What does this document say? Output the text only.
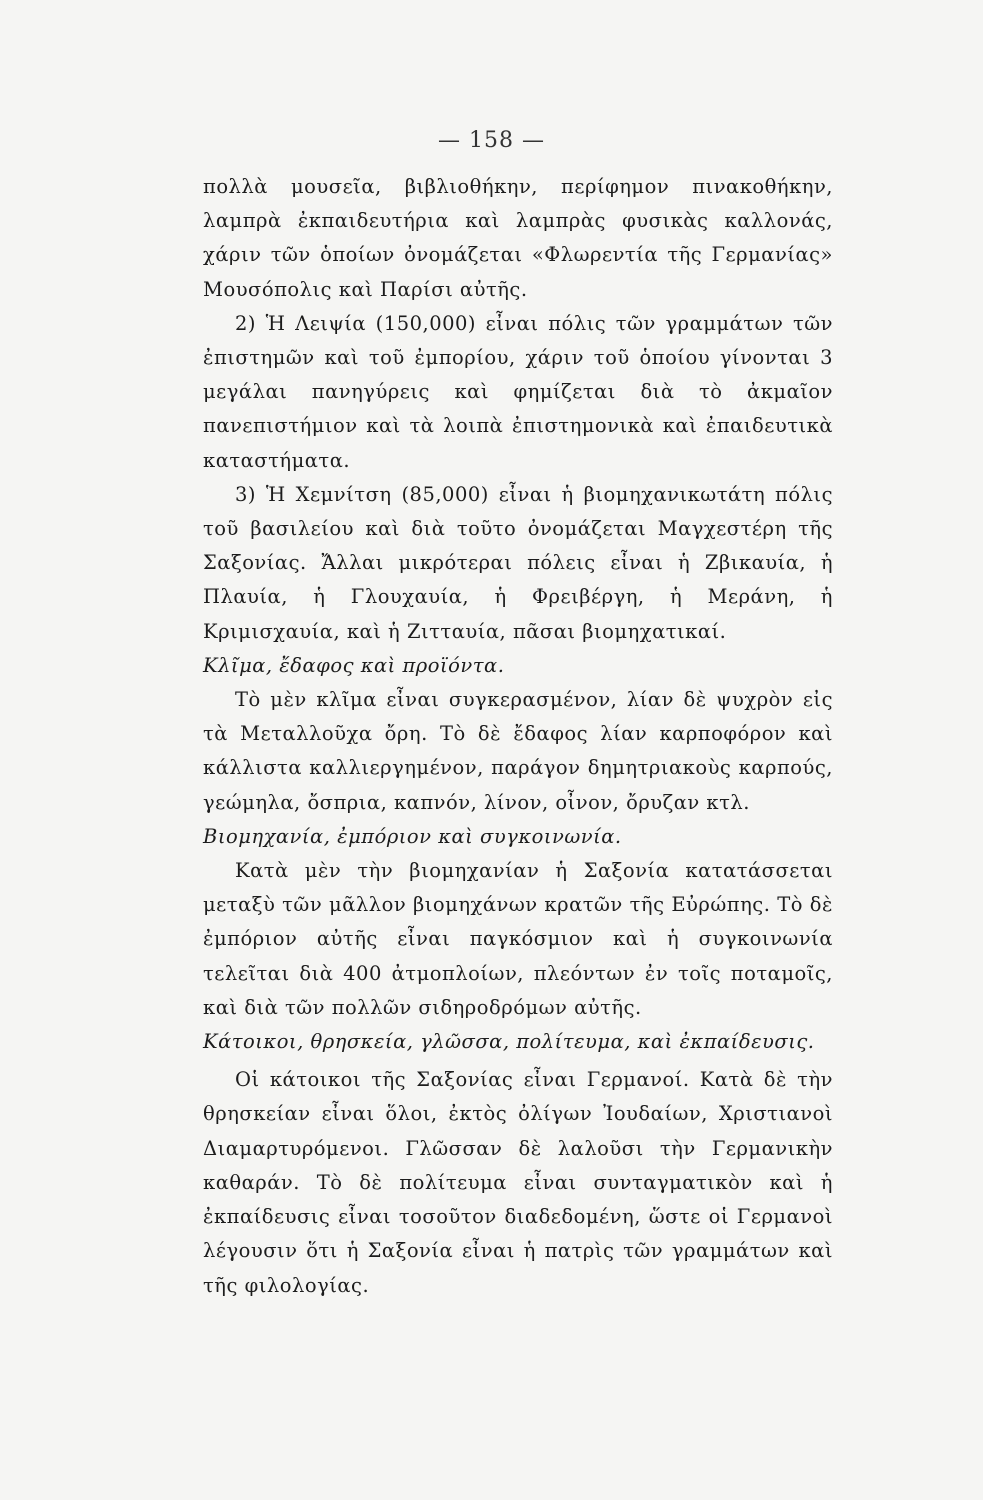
— 158 —

πολλὰ μουσεῖα, βιβλιοθήκην, περίφημον πινακοθήκην, λαμπρὰ ἐκπαιδευτήρια καὶ λαμπρὰς φυσικὰς καλλονάς, χάριν τῶν ὁποίων ὀνομάζεται «Φλωρεντία τῆς Γερμανίας» Μουσόπολις καὶ Παρίσι αὐτῆς.

2) Ἡ Λειψία (150,000) εἶναι πόλις τῶν γραμμάτων τῶν ἐπιστημῶν καὶ τοῦ ἐμπορίου, χάριν τοῦ ὁποίου γίνονται 3 μεγάλαι πανηγύρεις καὶ φημίζεται διὰ τὸ ἀκμαῖον πανεπιστήμιον καὶ τὰ λοιπὰ ἐπιστημονικὰ καὶ ἐπαιδευτικὰ καταστήματα.

3) Ἡ Χεμνίτση (85,000) εἶναι ἡ βιομηχανικωτάτη πόλις τοῦ βασιλείου καὶ διὰ τοῦτο ὀνομάζεται Μαγχεστέρη τῆς Σαξονίας. Ἄλλαι μικρότεραι πόλεις εἶναι ἡ Ζβικαυία, ἡ Πλαυία, ἡ Γλουχαυία, ἡ Φρειβέργη, ἡ Μεράνη, ἡ Κριμισχαυία, καὶ ἡ Ζιτταυία, πᾶσαι βιομηχατικαί.

Κλῖμα, ἔδαφος καὶ προϊόντα.

Τὸ μὲν κλῖμα εἶναι συγκερασμένον, λίαν δὲ ψυχρὸν εἰς τὰ Μεταλλοῦχα ὄρη. Τὸ δὲ ἔδαφος λίαν καρποφόρον καὶ κάλλιστα καλλιεργημένον, παράγον δημητριακοὺς καρπούς, γεώμηλα, ὄσπρια, καπνόν, λίνον, οἶνον, ὄρυζαν κτλ.

Βιομηχανία, ἐμπόριον καὶ συγκοινωνία.

Κατὰ μὲν τὴν βιομηχανίαν ἡ Σαξονία κατατάσσεται μεταξὺ τῶν μᾶλλον βιομηχάνων κρατῶν τῆς Εὐρώπης. Τὸ δὲ ἐμπόριον αὐτῆς εἶναι παγκόσμιον καὶ ἡ συγκοινωνία τελεῖται διὰ 400 ἀτμοπλοίων, πλεόντων ἐν τοῖς ποταμοῖς, καὶ διὰ τῶν πολλῶν σιδηροδρόμων αὐτῆς.

Κάτοικοι, θρησκεία, γλῶσσα, πολίτευμα, καὶ ἐκπαίδευσις.

Οἱ κάτοικοι τῆς Σαξονίας εἶναι Γερμανοί. Κατὰ δὲ τὴν θρησκείαν εἶναι ὅλοι, ἐκτὸς ὀλίγων Ἰουδαίων, Χριστιανοὶ Διαμαρτυρόμενοι. Γλῶσσαν δὲ λαλοῦσι τὴν Γερμανικὴν καθαράν. Τὸ δὲ πολίτευμα εἶναι συνταγματικὸν καὶ ἡ ἐκπαίδευσις εἶναι τοσοῦτον διαδεδομένη, ὥστε οἱ Γερμανοὶ λέγουσιν ὅτι ἡ Σαξονία εἶναι ἡ πατρὶς τῶν γραμμάτων καὶ τῆς φιλολογίας.
